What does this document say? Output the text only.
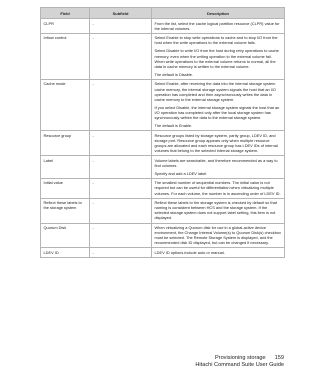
Field	Subfield	Description
CLPR	-	From the list, select the cache logical partition resource (CLPR) value for the internal volumes.

Inflow control	-	Select Enable to stop write operations to cache and to stop I/O from the host when the write operations to the external volume fails.
Select Disable to write I/O from the host during retry operations to cache memory, even when the writing operation to the external volume fail. When write operations to the external volume returns to normal, all the data in cache memory is written to the external volume.
The default is Disable.

Cache mode	-	Select Enable, after receiving the data into the internal storage system cache memory, the internal storage system signals the host that an I/O operation has completed and then asynchronously writes the data in cache memory to the external storage system.
If you select Disable, the internal storage system signals the host that an I/O operation has completed only after the local storage system has synchronously written the data to the external storage system.
The default is Enable.

Resource group	-	Resource groups listed by storage system, parity group, LDEV ID, and storage port. Resource group appears only when multiple resource groups are allocated and each resource group has LDEV IDs of internal volumes that belong to the selected internal storage system.

Label	-	Volume labels are searchable, and therefore recommended as a way to find volumes.
Specify and add a LDEV label.

Initial value	-	The smallest number of sequential numbers. The initial value is not required but can be useful for differentiation when virtualizing multiple volumes. For each volume, the number is in ascending order of LDEV ID.

Reflect these labels to the storage system	-	Reflect these labels to the storage system is checked by default so that naming is consistent between HCS and the storage system. If the selected storage system does not support label setting, this item is not displayed.

Quorum Disk	-	When virtualizing a Quorum disk for use in a global-active device environment, the Change Internal Volume(s) to Quorum Disk(s) checkbox must be selected. The Remote Storage System is displayed, and the recommended disk ID displayed, but can be changed if necessary.

LDEV ID	-	LDEV ID options include auto or manual.
Provisioning storage 159
Hitachi Command Suite User Guide
